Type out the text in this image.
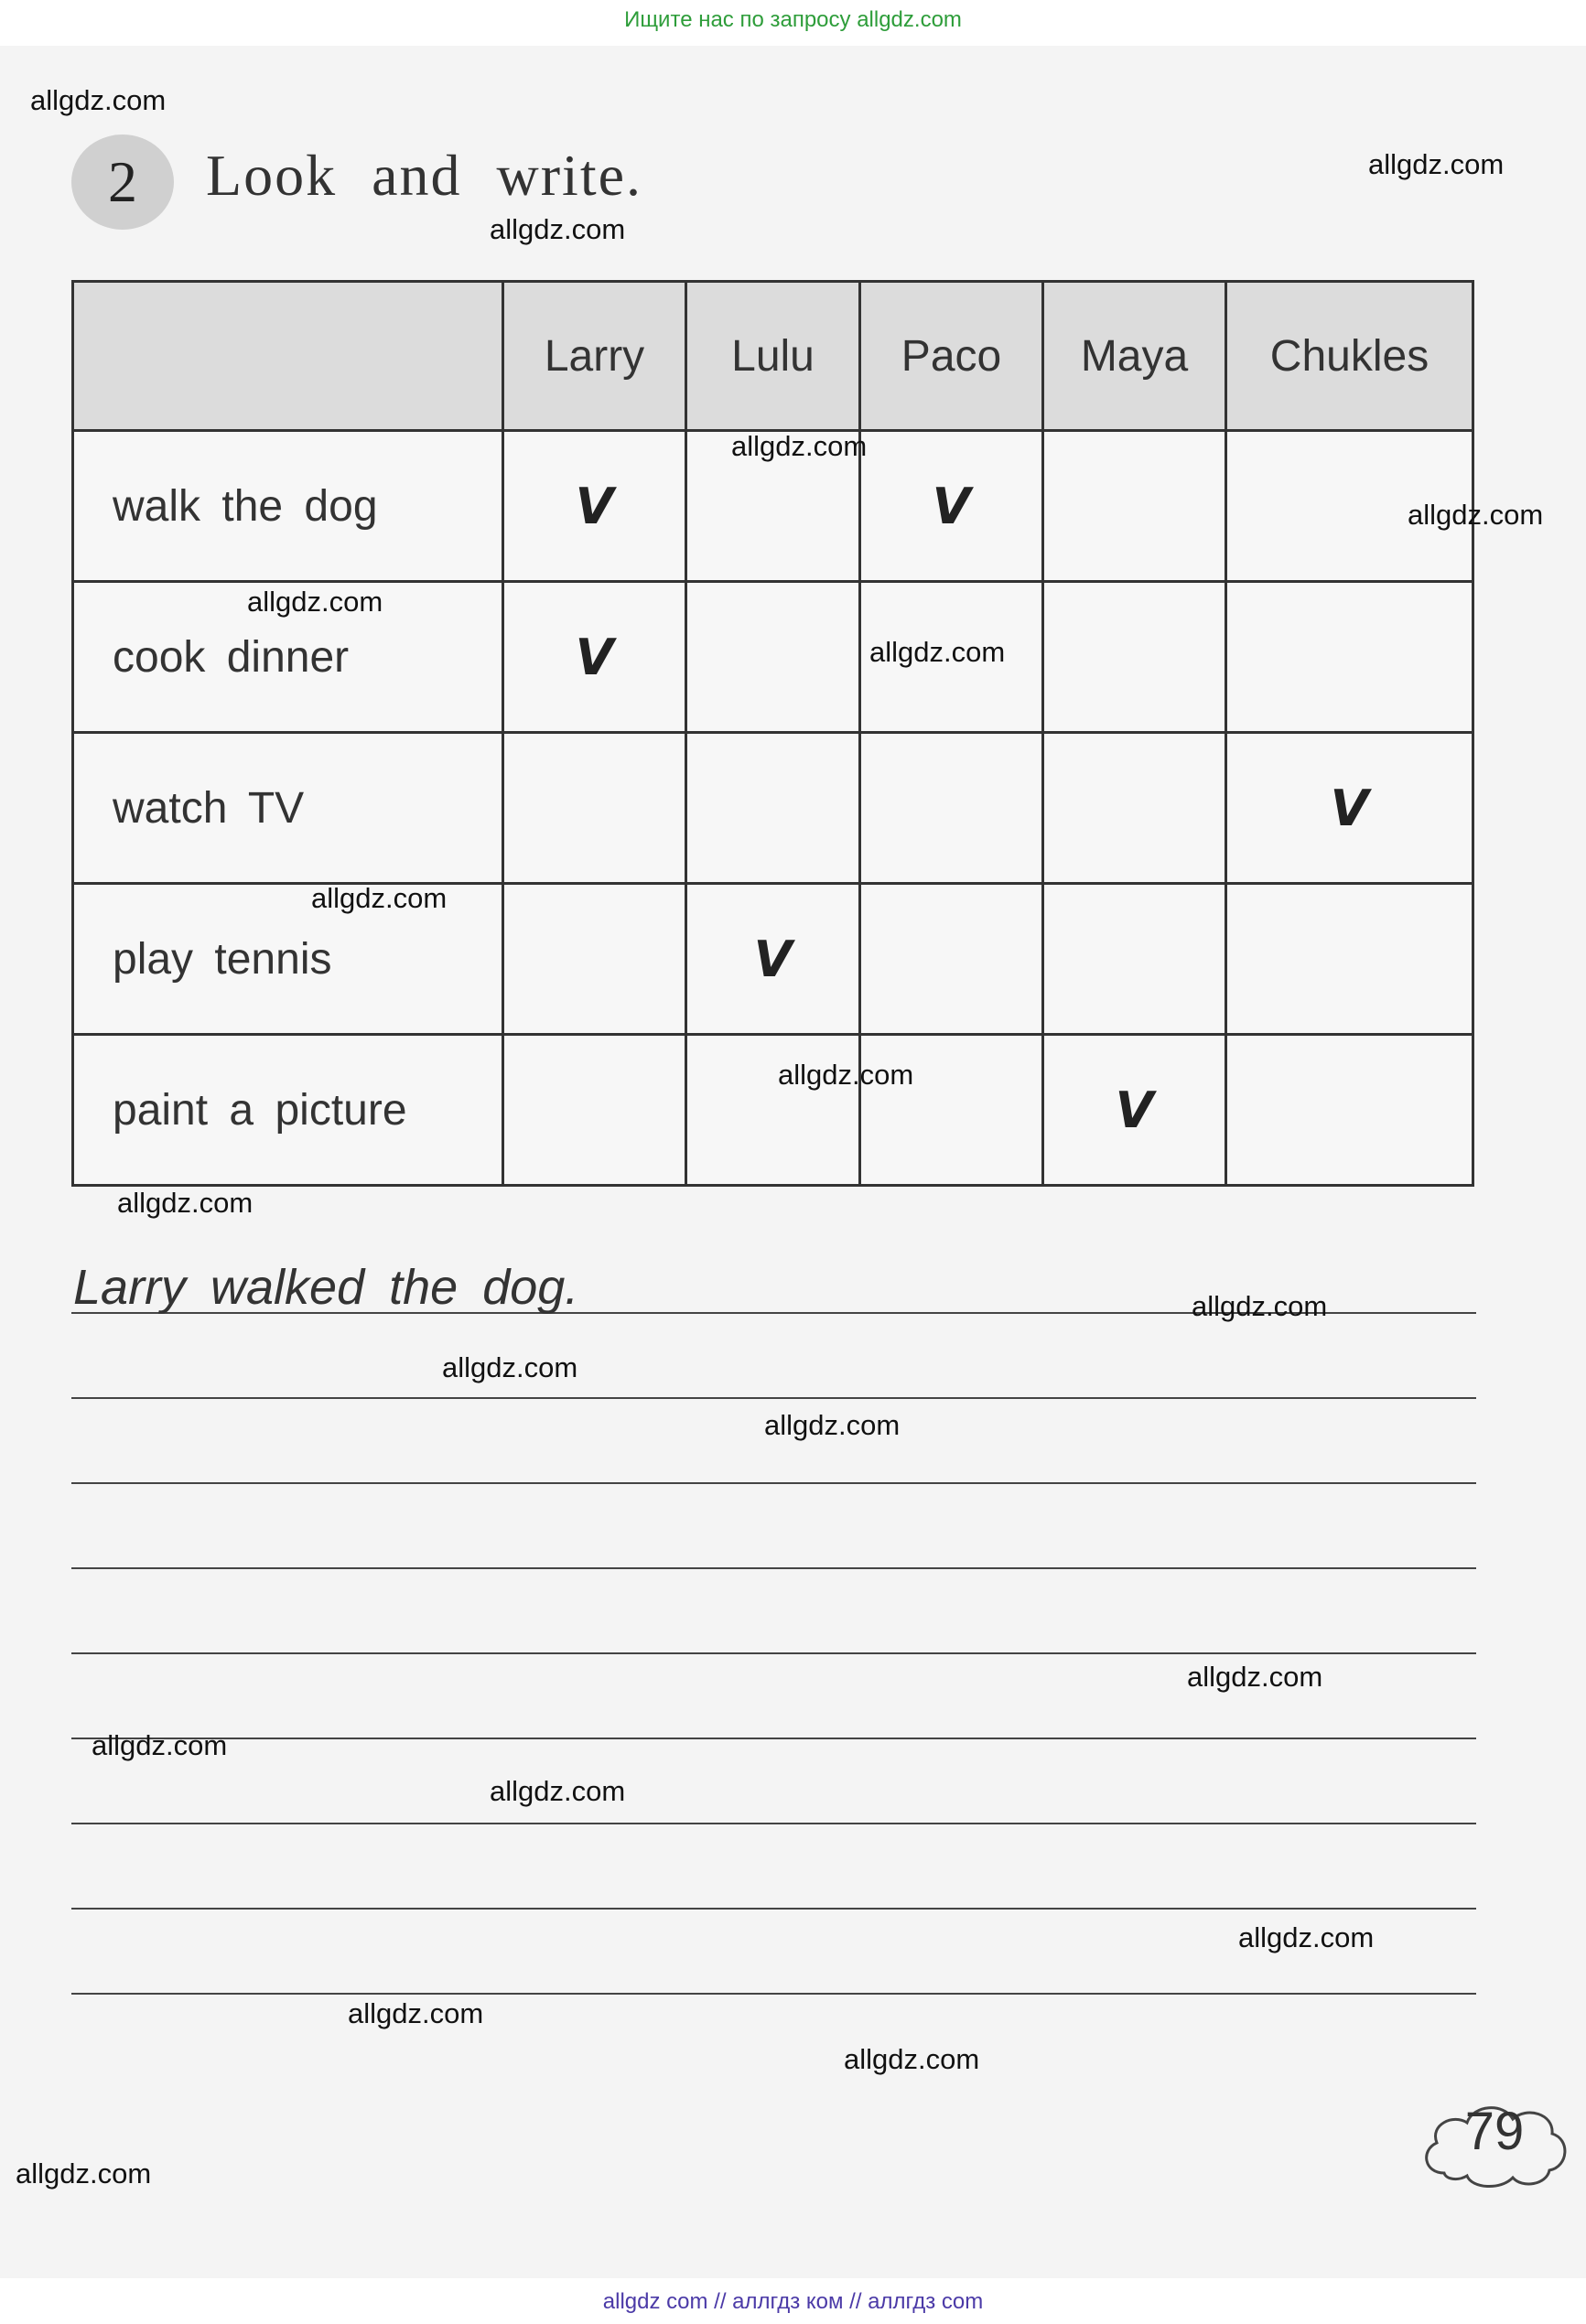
Ищите нас по запросу allgdz.com
2	Look and write.
	Larry	Lulu	Paco	Maya	Chukles
walk the dog	V		V		

cook dinner	V				

watch TV					V

play tennis		V			

paint a picture				V	

Larry walked the dog.
79
allgdz.com
allgdz.com
allgdz.com
allgdz.com
allgdz.com
allgdz.com
allgdz.com
allgdz.com
allgdz.com
allgdz.com
allgdz.com
allgdz.com
allgdz.com
allgdz.com
allgdz.com
allgdz.com
allgdz.com
allgdz.com
allgdz.com
allgdz.com
allgdz com // аллгдз ком // аллгдз com
